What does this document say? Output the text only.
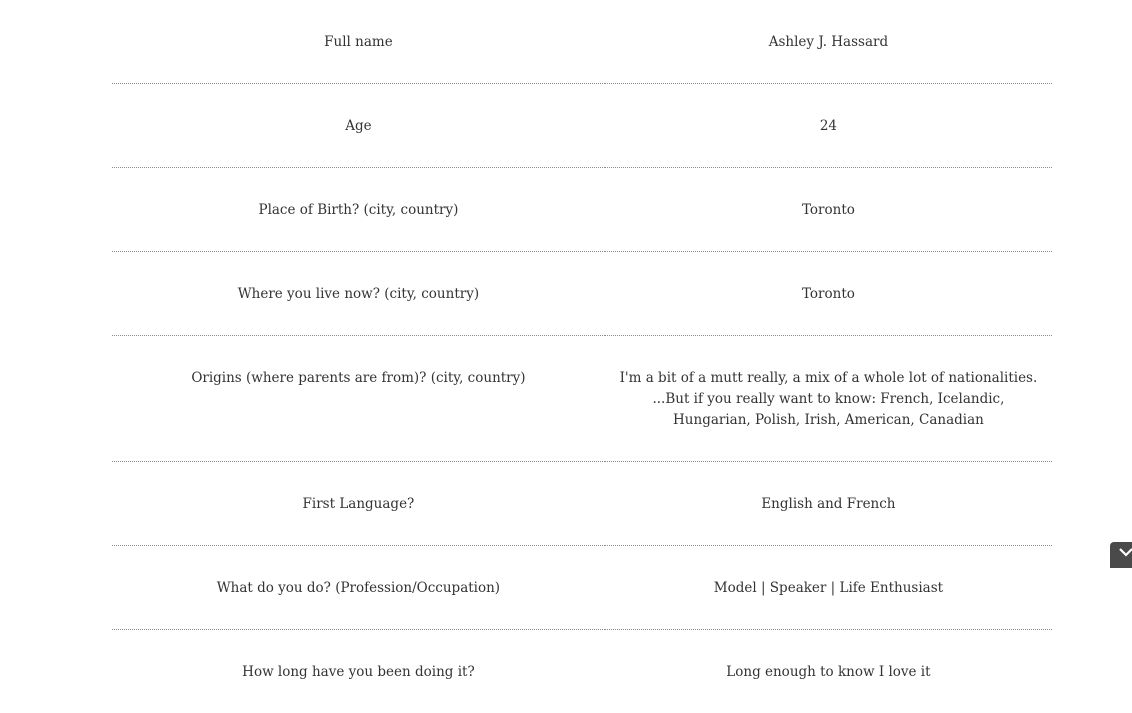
Full name	Ashley J. Hassard
Age	24
Place of Birth? (city, country)	Toronto
Where you live now? (city, country)	Toronto
Origins (where parents are from)? (city, country)	I'm a bit of a mutt really, a mix of a whole lot of nationalities. ...But if you really want to know: French, Icelandic, Hungarian, Polish, Irish, American, Canadian
First Language?	English and French
What do you do? (Profession/Occupation)	Model | Speaker | Life Enthusiast
How long have you been doing it?	Long enough to know I love it
